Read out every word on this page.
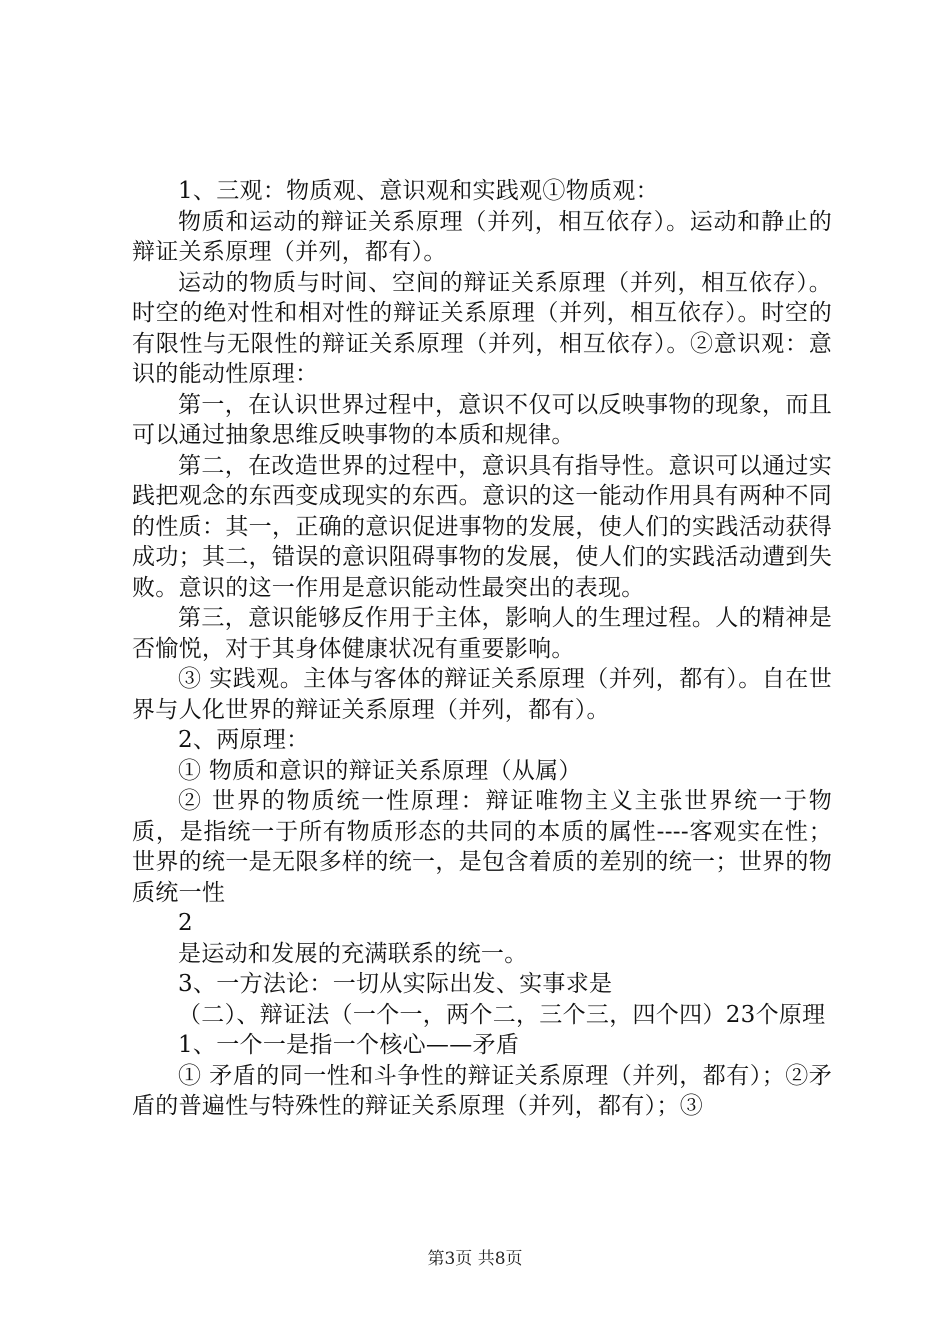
1、三观：物质观、意识观和实践观①物质观：

物质和运动的辩证关系原理（并列，相互依存）。运动和静止的辩证关系原理（并列，都有）。

运动的物质与时间、空间的辩证关系原理（并列，相互依存）。时空的绝对性和相对性的辩证关系原理（并列，相互依存）。时空的有限性与无限性的辩证关系原理（并列，相互依存）。②意识观：意识的能动性原理：

第一，在认识世界过程中，意识不仅可以反映事物的现象，而且可以通过抽象思维反映事物的本质和规律。

第二，在改造世界的过程中，意识具有指导性。意识可以通过实践把观念的东西变成现实的东西。意识的这一能动作用具有两种不同的性质：其一，正确的意识促进事物的发展，使人们的实践活动获得成功；其二，错误的意识阻碍事物的发展，使人们的实践活动遭到失败。意识的这一作用是意识能动性最突出的表现。

第三，意识能够反作用于主体，影响人的生理过程。人的精神是否愉悦，对于其身体健康状况有重要影响。

③ 实践观。主体与客体的辩证关系原理（并列，都有）。自在世界与人化世界的辩证关系原理（并列，都有）。

2、两原理：

① 物质和意识的辩证关系原理（从属）

② 世界的物质统一性原理：辩证唯物主义主张世界统一于物质，是指统一于所有物质形态的共同的本质的属性----客观实在性；世界的统一是无限多样的统一，是包含着质的差别的统一；世界的物质统一性

2

是运动和发展的充满联系的统一。

3、一方法论：一切从实际出发、实事求是

（二）、辩证法（一个一，两个二，三个三，四个四）23个原理

1、一个一是指一个核心——矛盾

① 矛盾的同一性和斗争性的辩证关系原理（并列，都有）；②矛盾的普遍性与特殊性的辩证关系原理（并列，都有）；③

第3页 共8页
